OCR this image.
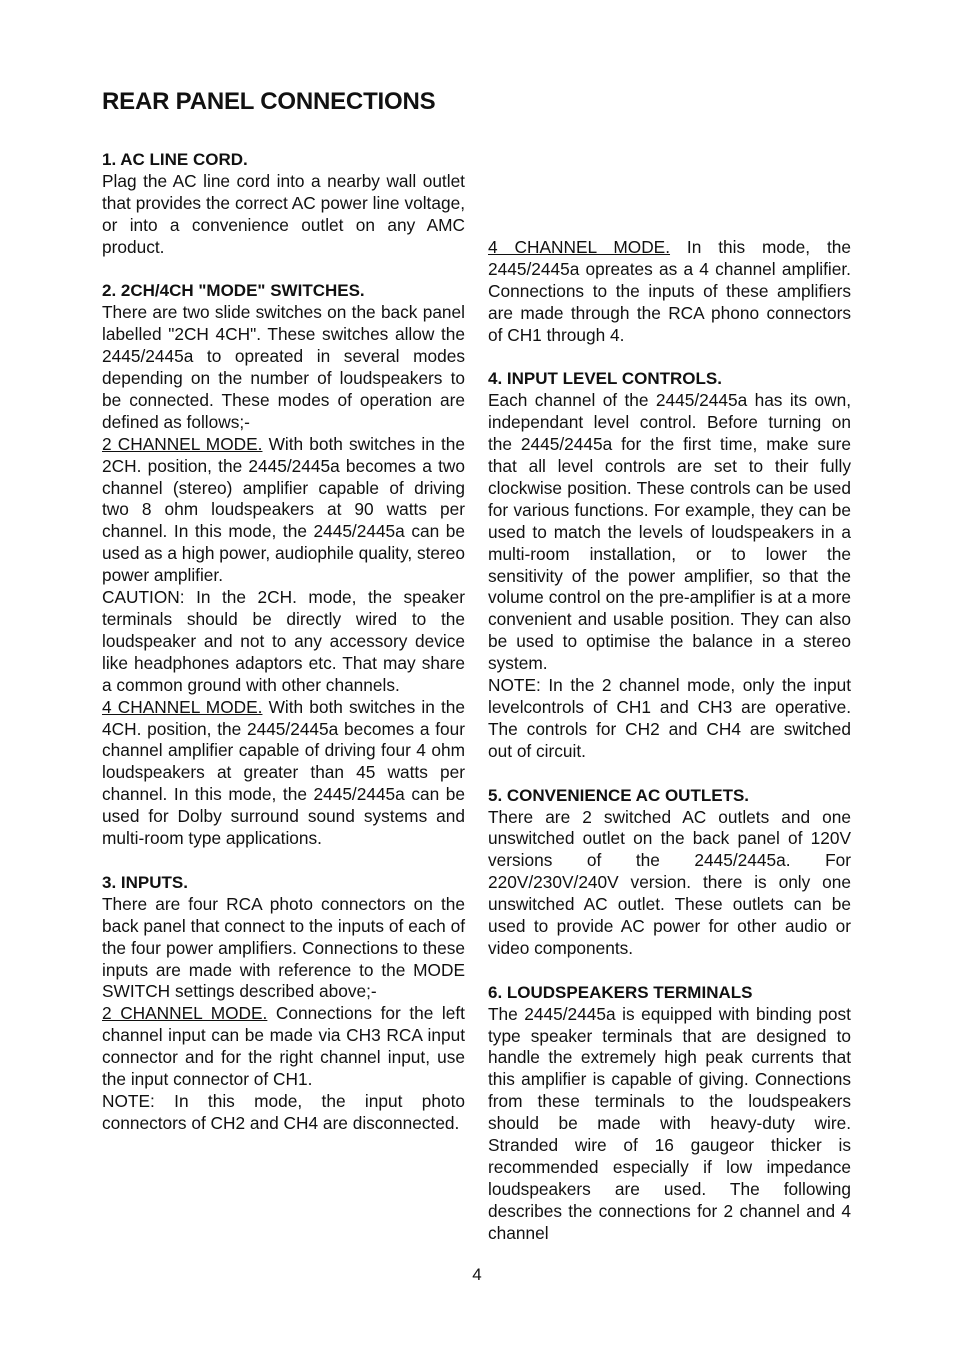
REAR PANEL CONNECTIONS
1. AC LINE CORD.

Plag the AC line cord into a nearby wall outlet that provides the correct AC power line voltage, or into a convenience outlet on any AMC product.

2. 2CH/4CH "MODE" SWITCHES.

There are two slide switches on the back panel labelled "2CH 4CH". These switches allow the 2445/2445a to opreated in several modes depending on the number of loudspeakers to be connected. These modes of operation are defined as follows;-

2 CHANNEL MODE. With both switches in the 2CH. position, the 2445/2445a becomes a two channel (stereo) amplifier capable of driving two 8 ohm loudspeakers at 90 watts per channel. In this mode, the 2445/2445a can be used as a high power, audiophile quality, stereo power amplifier.

CAUTION: In the 2CH. mode, the speaker terminals should be directly wired to the loudspeaker and not to any accessory device like headphones adaptors etc. That may share a common ground with other channels.

4 CHANNEL MODE. With both switches in the 4CH. position, the 2445/2445a becomes a four channel amplifier capable of driving four 4 ohm loudspeakers at greater than 45 watts per channel. In this mode, the 2445/2445a can be used for Dolby surround sound systems and multi-room type applications.

3. INPUTS.

There are four RCA photo connectors on the back panel that connect to the inputs of each of the four power amplifiers. Connections to these inputs are made with reference to the MODE SWITCH settings described above;-

2 CHANNEL MODE. Connections for the left channel input can be made via CH3 RCA input connector and for the right channel input, use the input connector of CH1.

NOTE: In this mode, the input photo connectors of CH2 and CH4 are disconnected.

4 CHANNEL MODE. In this mode, the 2445/2445a opreates as a 4 channel amplifier. Connections to the inputs of these amplifiers are made through the RCA phono connectors of CH1 through 4.

4. INPUT LEVEL CONTROLS.

Each channel of the 2445/2445a has its own, independant level control. Before turning on the 2445/2445a for the first time, make sure that all level controls are set to their fully clockwise position. These controls can be used for various functions. For example, they can be used to match the levels of loudspeakers in a multi-room installation, or to lower the sensitivity of the power amplifier, so that the volume control on the pre-amplifier is at a more convenient and usable position. They can also be used to optimise the balance in a stereo system.

NOTE: In the 2 channel mode, only the input levelcontrols of CH1 and CH3 are operative. The controls for CH2 and CH4 are switched out of circuit.

5. CONVENIENCE AC OUTLETS.

There are 2 switched AC outlets and one unswitched outlet on the back panel of 120V versions of the 2445/2445a. For 220V/230V/240V version. there is only one unswitched AC outlet. These outlets can be used to provide AC power for other audio or video components.

6. LOUDSPEAKERS TERMINALS

The 2445/2445a is equipped with binding post type speaker terminals that are designed to handle the extremely high peak currents that this amplifier is capable of giving. Connections from these terminals to the loudspeakers should be made with heavy-duty wire. Stranded wire of 16 gaugeor thicker is recommended especially if low impedance loudspeakers are used. The following describes the connections for 2 channel and 4 channel

4
